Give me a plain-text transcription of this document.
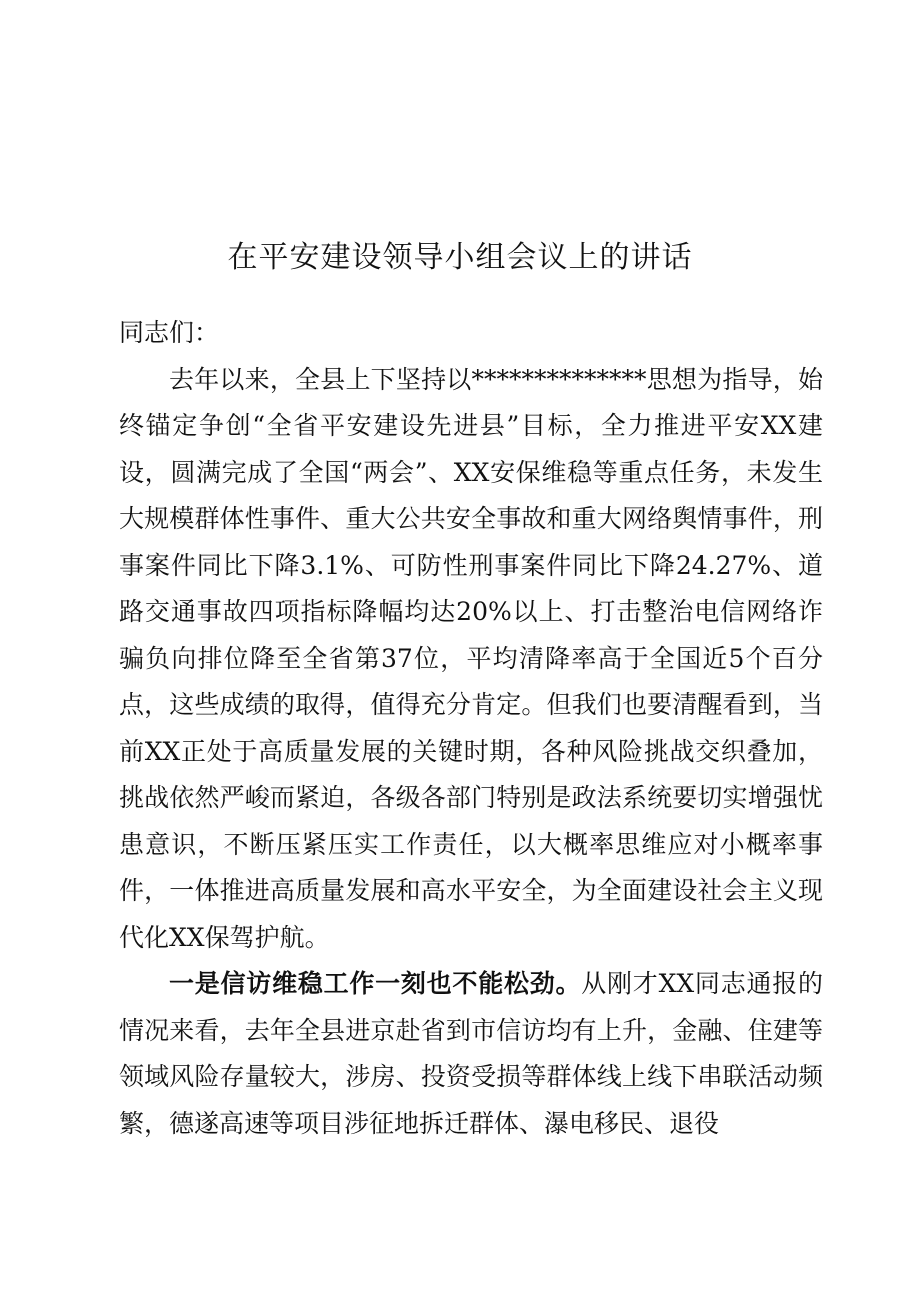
在平安建设领导小组会议上的讲话

同志们：

去年以来，全县上下坚持以**************思想为指导，始终锚定争创“全省平安建设先进县”目标，全力推进平安XX建设，圆满完成了全国“两会”、XX安保维稳等重点任务，未发生大规模群体性事件、重大公共安全事故和重大网络舆情事件，刑事案件同比下降3.1%、可防性刑事案件同比下降24.27%、道路交通事故四项指标降幅均达20%以上、打击整治电信网络诈骗负向排位降至全省第37位，平均清降率高于全国近5个百分点，这些成绩的取得，值得充分肯定。但我们也要清醒看到，当前XX正处于高质量发展的关键时期，各种风险挑战交织叠加，挑战依然严峻而紧迫，各级各部门特别是政法系统要切实增强忧患意识，不断压紧压实工作责任，以大概率思维应对小概率事件，一体推进高质量发展和高水平安全，为全面建设社会主义现代化XX保驾护航。

一是信访维稳工作一刻也不能松劲。从刚才XX同志通报的情况来看，去年全县进京赴省到市信访均有上升，金融、住建等领域风险存量较大，涉房、投资受损等群体线上线下串联活动频繁，德遂高速等项目涉征地拆迁群体、瀑电移民、退役
